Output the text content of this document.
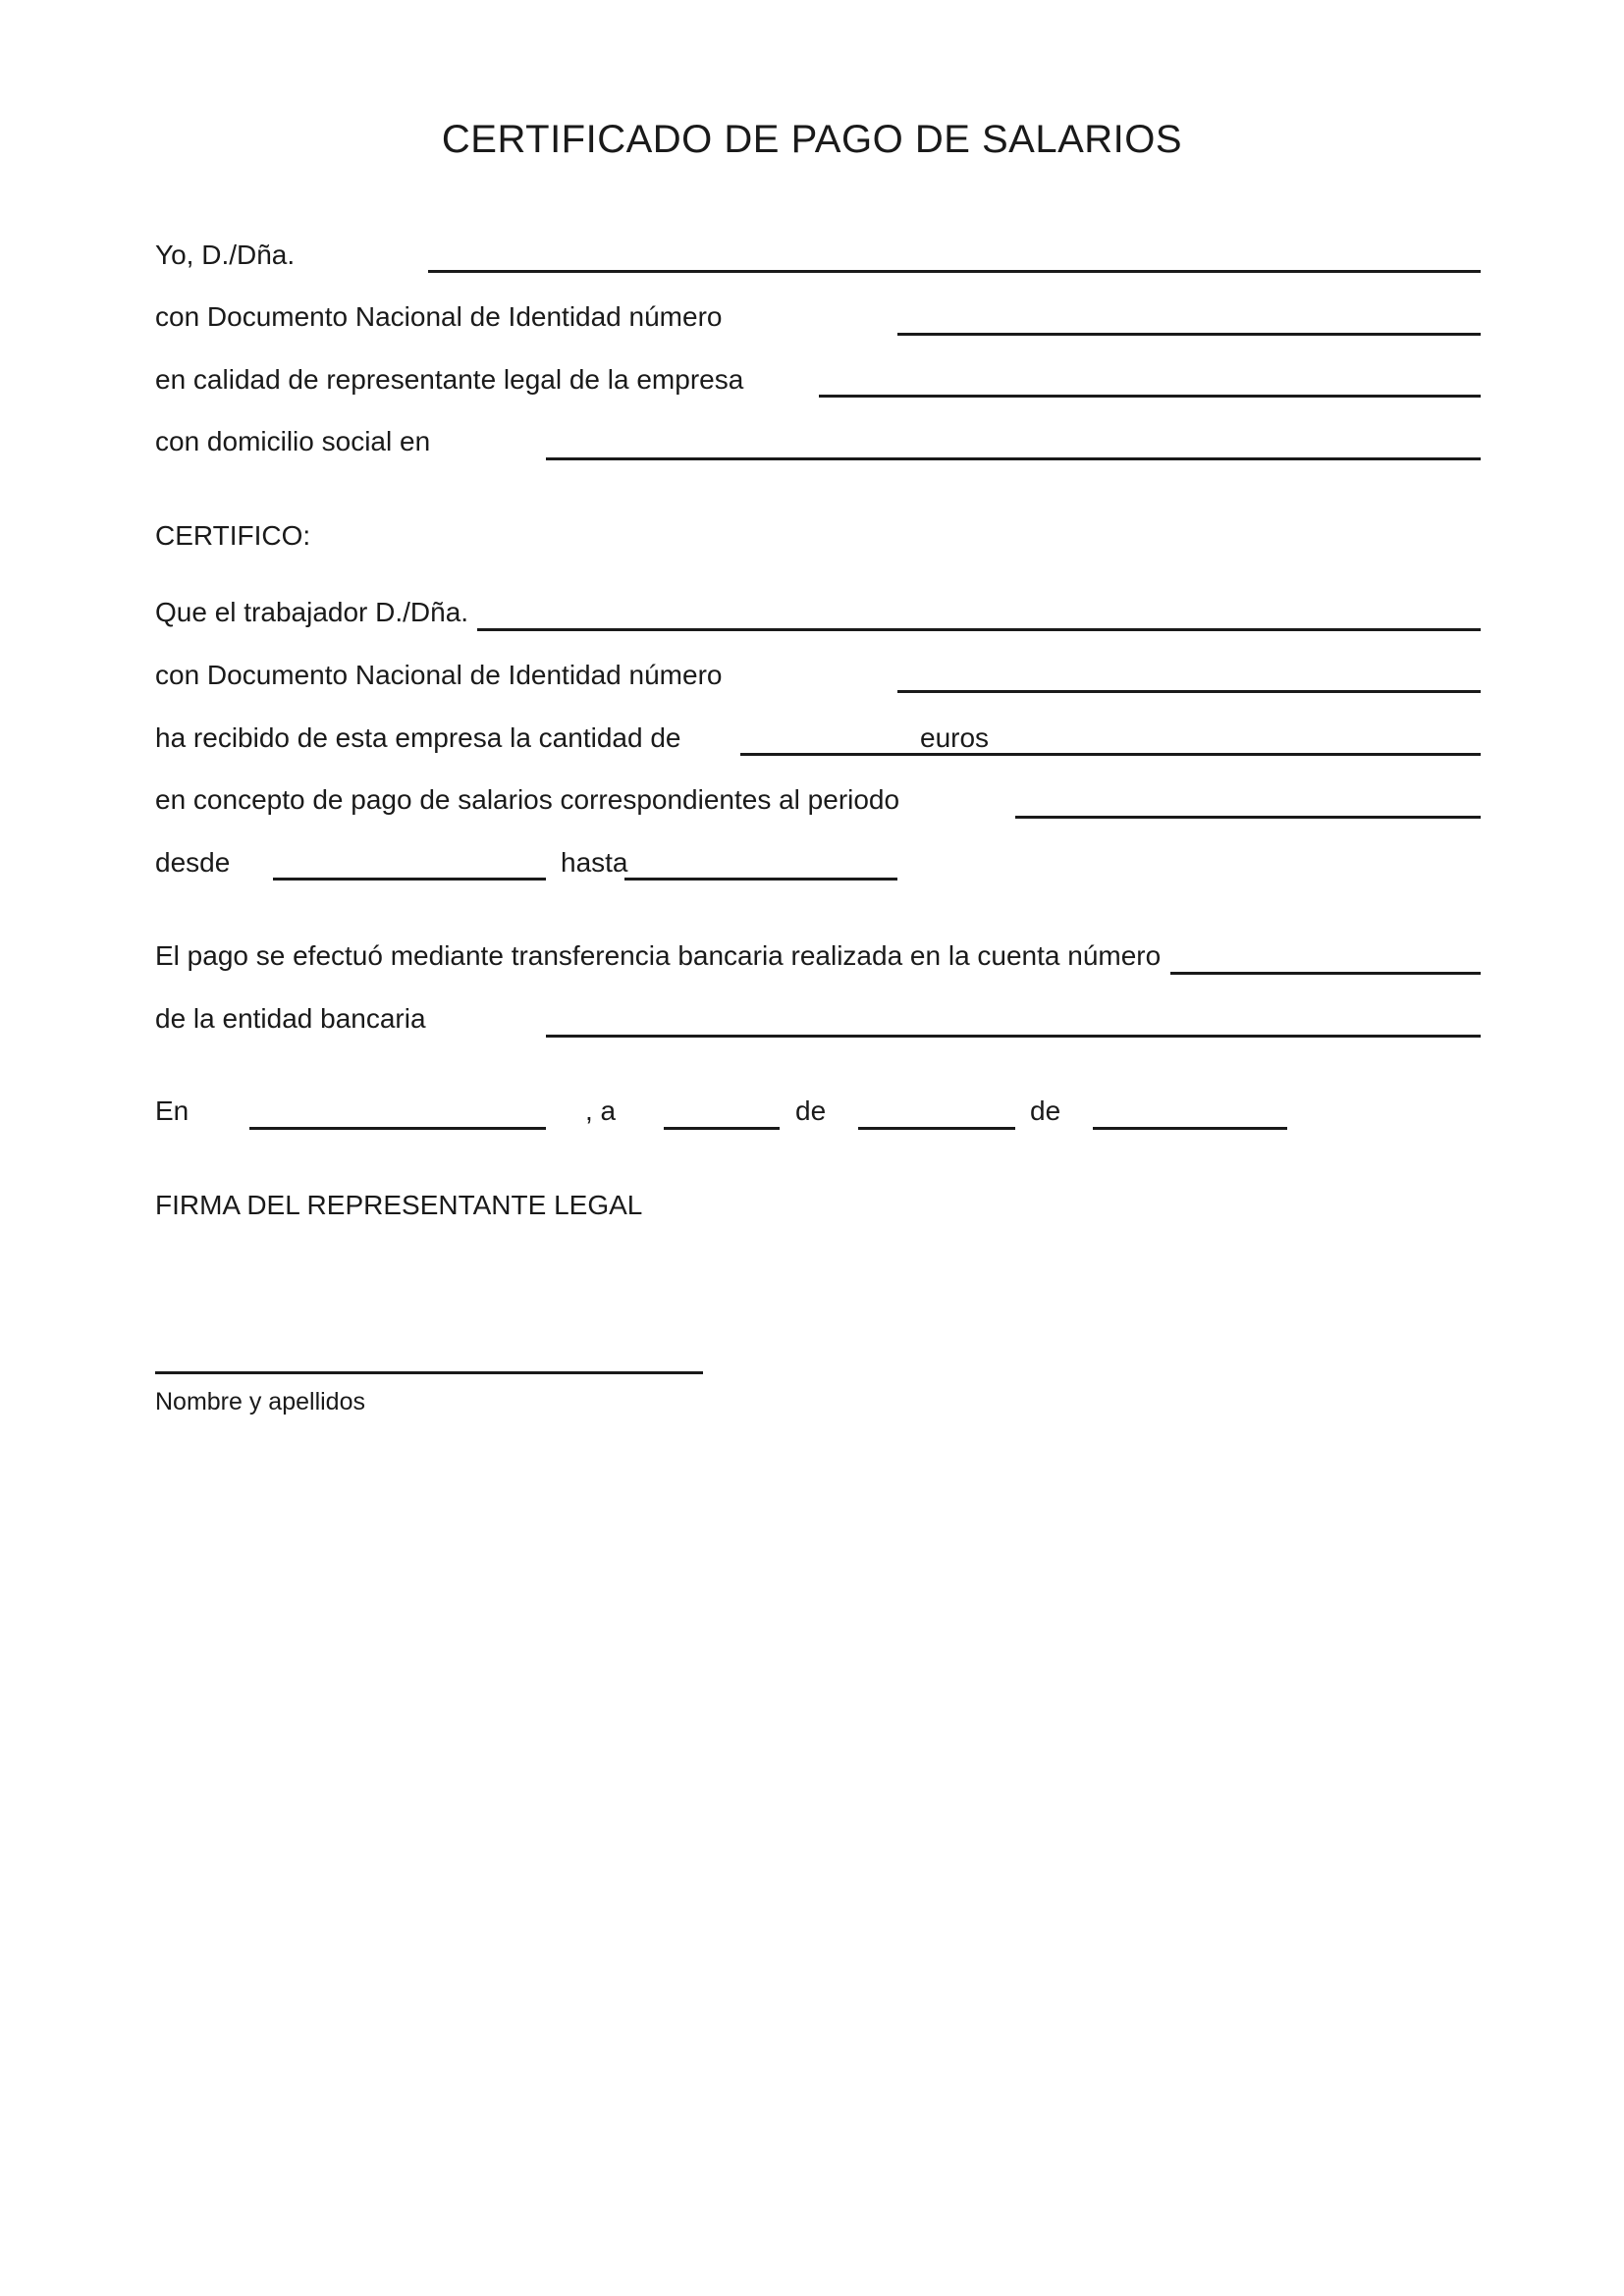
CERTIFICADO DE PAGO DE SALARIOS
Yo, D./Dña.
con Documento Nacional de Identidad número
en calidad de representante legal de la empresa
con domicilio social en
CERTIFICO:
Que el trabajador D./Dña.
con Documento Nacional de Identidad número
ha recibido de esta empresa la cantidad de	euros
en concepto de pago de salarios correspondientes al periodo
desde	hasta
El pago se efectuó mediante transferencia bancaria realizada en la cuenta número
de la entidad bancaria
En	, a	de	de
FIRMA DEL REPRESENTANTE LEGAL
Nombre y apellidos
